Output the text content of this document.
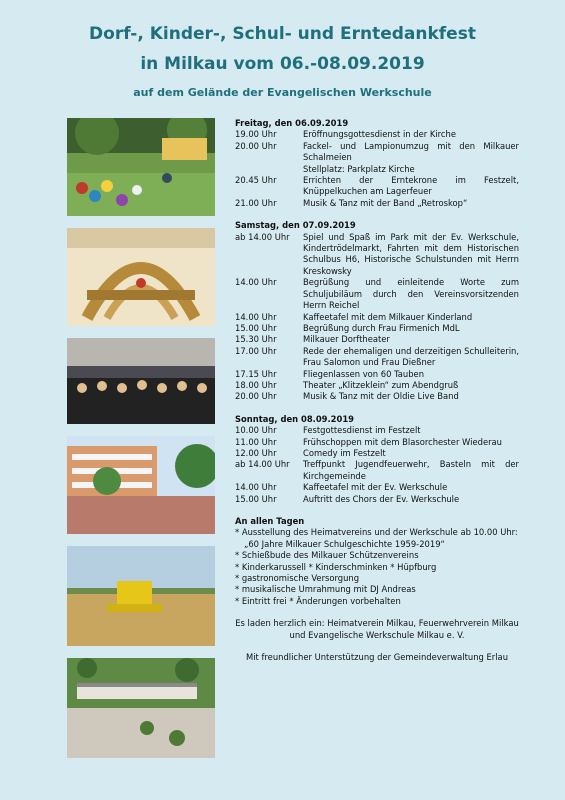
Dorf-, Kinder-, Schul- und Erntedankfest
in Milkau vom 06.-08.09.2019
auf dem Gelände der Evangelischen Werkschule
Freitag, den 06.09.2019
19.00 Uhr	Eröffnungsgottesdienst in der Kirche
20.00 Uhr	Fackel- und Lampionumzug mit den Milkauer Schalmeien
Stellplatz: Parkplatz Kirche
20.45 Uhr	Errichten der Erntekrone im Festzelt, Knüppelkuchen am Lagerfeuer
21.00 Uhr	Musik & Tanz mit der Band „Retroskop“
Samstag, den 07.09.2019
ab 14.00 Uhr	Spiel und Spaß im Park mit der Ev. Werkschule, Kindertrödelmarkt, Fahrten mit dem Historischen Schulbus H6, Historische Schulstunden mit Herrn Kreskowsky
14.00 Uhr	Begrüßung und einleitende Worte zum Schuljubiläum durch den Vereinsvorsitzenden Herrn Reichel
14.00 Uhr	Kaffeetafel mit dem Milkauer Kinderland
15.00 Uhr	Begrüßung durch Frau Firmenich MdL
15.30 Uhr	Milkauer Dorftheater
17.00 Uhr	Rede der ehemaligen und derzeitigen Schulleiterin, Frau Salomon und Frau Dießner
17.15 Uhr	Fliegenlassen von 60 Tauben
18.00 Uhr	Theater „Klitzeklein“ zum Abendgruß
20.00 Uhr	Musik & Tanz mit der Oldie Live Band
Sonntag, den 08.09.2019
10.00 Uhr	Festgottesdienst im Festzelt
11.00 Uhr	Frühschoppen mit dem Blasorchester Wiederau
12.00 Uhr	Comedy im Festzelt
ab 14.00 Uhr	Treffpunkt Jugendfeuerwehr, Basteln mit der Kirchgemeinde
14.00 Uhr	Kaffeetafel mit der Ev. Werkschule
15.00 Uhr	Auftritt des Chors der Ev. Werkschule
An allen Tagen
* Ausstellung des Heimatvereins und der Werkschule ab 10.00 Uhr: „60 Jahre Milkauer Schulgeschichte 1959-2019“
* Schießbude des Milkauer Schützenvereins
* Kinderkarussell * Kinderschminken * Hüpfburg
* gastronomische Versorgung
* musikalische Umrahmung mit DJ Andreas
* Eintritt frei * Änderungen vorbehalten
Es laden herzlich ein: Heimatverein Milkau, Feuerwehrverein Milkau und Evangelische Werkschule Milkau e. V.
Mit freundlicher Unterstützung der Gemeindeverwaltung Erlau
